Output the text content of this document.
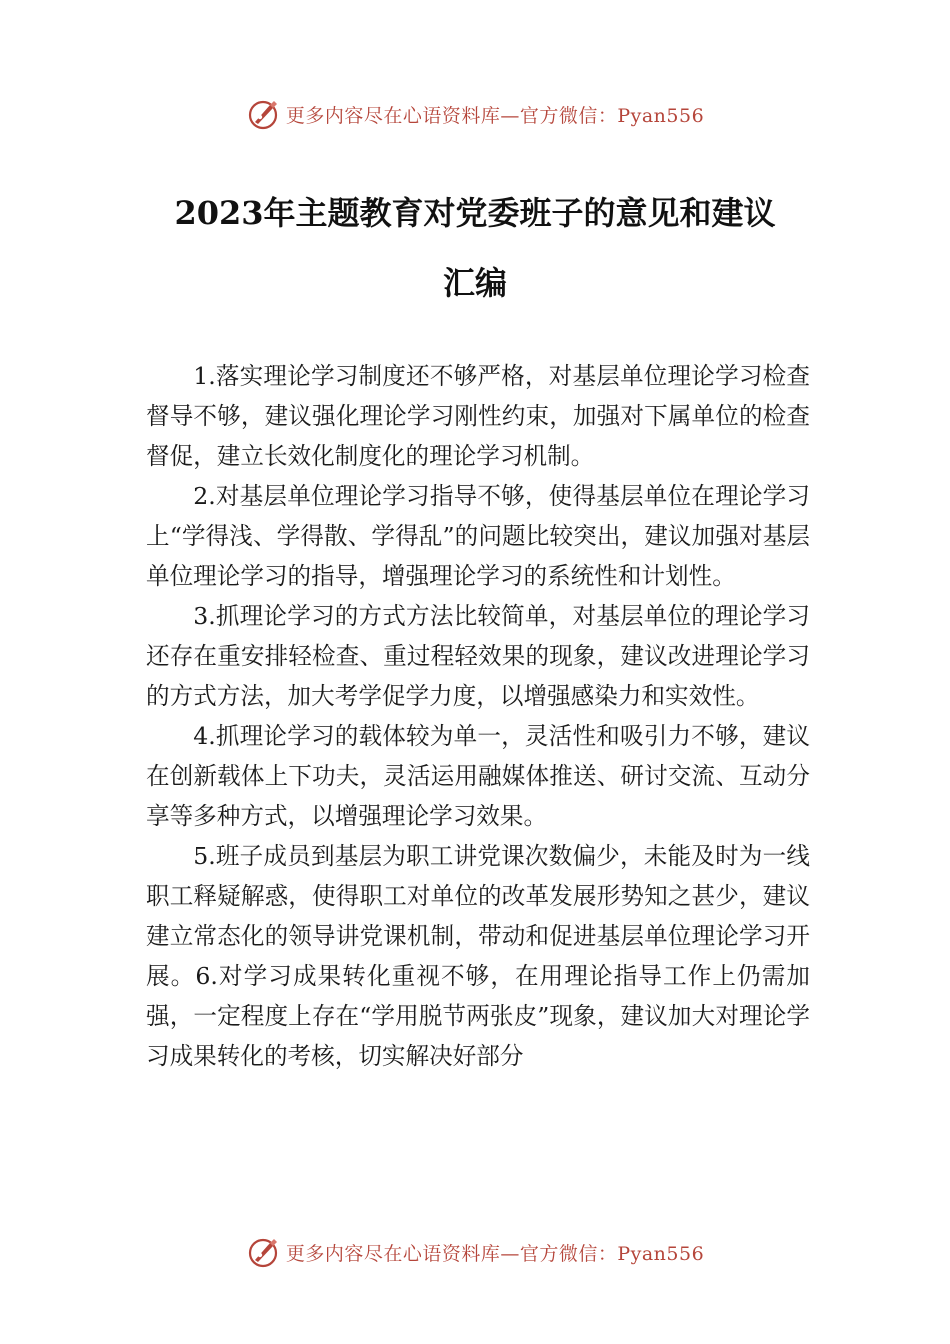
更多内容尽在心语资料库—官方微信：Pyan556
2023年主题教育对党委班子的意见和建议
汇编

1.落实理论学习制度还不够严格，对基层单位理论学习检查督导不够，建议强化理论学习刚性约束，加强对下属单位的检查督促，建立长效化制度化的理论学习机制。

2.对基层单位理论学习指导不够，使得基层单位在理论学习上“学得浅、学得散、学得乱”的问题比较突出，建议加强对基层单位理论学习的指导，增强理论学习的系统性和计划性。

3.抓理论学习的方式方法比较简单，对基层单位的理论学习还存在重安排轻检查、重过程轻效果的现象，建议改进理论学习的方式方法，加大考学促学力度，以增强感染力和实效性。

4.抓理论学习的载体较为单一，灵活性和吸引力不够，建议在创新载体上下功夫，灵活运用融媒体推送、研讨交流、互动分享等多种方式，以增强理论学习效果。

5.班子成员到基层为职工讲党课次数偏少，未能及时为一线职工释疑解惑，使得职工对单位的改革发展形势知之甚少，建议建立常态化的领导讲党课机制，带动和促进基层单位理论学习开展。6.对学习成果转化重视不够，在用理论指导工作上仍需加强，一定程度上存在“学用脱节两张皮”现象，建议加大对理论学习成果转化的考核，切实解决好部分

更多内容尽在心语资料库—官方微信：Pyan556
